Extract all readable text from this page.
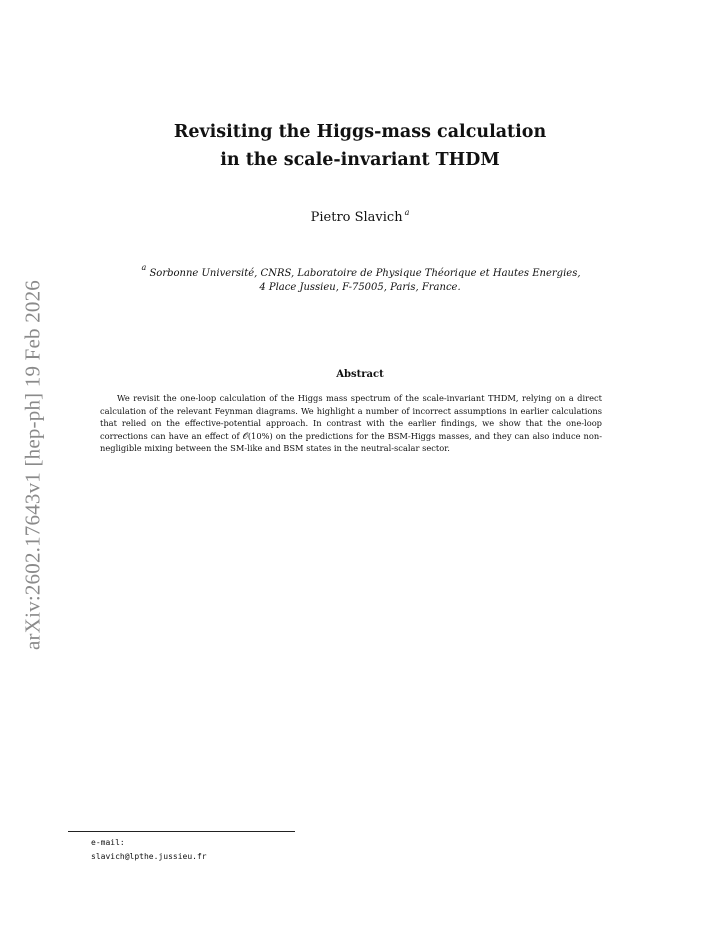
arXiv:2602.17643v1 [hep-ph] 19 Feb 2026
Revisiting the Higgs-mass calculation
in the scale-invariant THDM
Pietro Slavich $^a$
$^a$ Sorbonne Université, CNRS, Laboratoire de Physique Théorique et Hautes Energies,
4 Place Jussieu, F-75005, Paris, France.
Abstract

We revisit the one-loop calculation of the Higgs mass spectrum of the scale-invariant THDM, relying on a direct calculation of the relevant Feynman diagrams. We highlight a number of incorrect assumptions in earlier calculations that relied on the effective-potential approach. In contrast with the earlier findings, we show that the one-loop corrections can have an effect of 𝒪(10%) on the predictions for the BSM-Higgs masses, and they can also induce non-negligible mixing between the SM-like and BSM states in the neutral-scalar sector.

e-mail:
slavich@lpthe.jussieu.fr
